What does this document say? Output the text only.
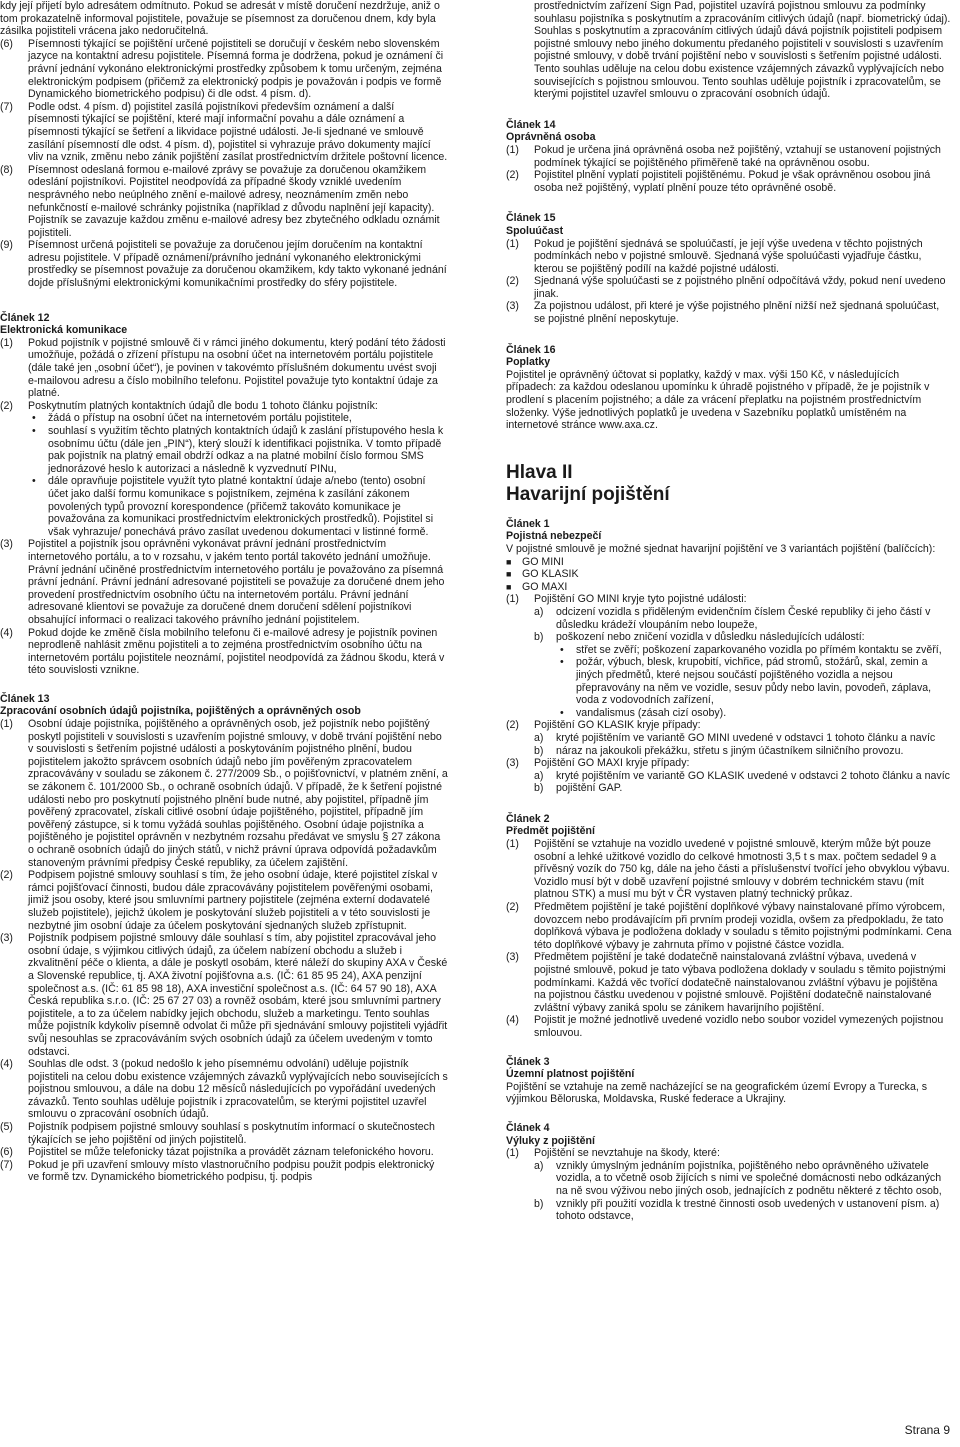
kdy její přijetí bylo adresátem odmítnuto. Pokud se adresát v místě doručení nezdržuje, aniž o tom prokazatelně informoval pojistitele, považuje se písemnost za doručenou dnem, kdy byla zásilka pojistiteli vrácena jako nedoručitelná.

(6)	Písemnosti týkající se pojištění určené pojistiteli se doručují v českém nebo slovenském jazyce na kontaktní adresu pojistitele. Písemná forma je dodržena, pokud je oznámení či právní jednání vykonáno elektronickými prostředky způsobem k tomu určeným, zejména elektronickým podpisem (přičemž za elektronický podpis je považován i podpis ve formě Dynamického biometrického podpisu) či dle odst. 4 písm. d).
(7)	Podle odst. 4 písm. d) pojistitel zasílá pojistníkovi především oznámení a další písemnosti týkající se pojištění, které mají informační povahu a dále oznámení a písemnosti týkající se šetření a likvidace pojistné události. Je-li sjednané ve smlouvě zasílání písemností dle odst. 4 písm. d), pojistitel si vyhrazuje právo dokumenty mající vliv na vznik, změnu nebo zánik pojištění zasílat prostřednictvím držitele poštovní licence.
(8)	Písemnost odeslaná formou e-mailové zprávy se považuje za doručenou okamžikem odeslání pojistníkovi. Pojistitel neodpovídá za případné škody vzniklé uvedením nesprávného nebo neúplného znění e-mailové adresy, neoznámením změn nebo nefunkčností e-mailové schránky pojistníka (například z důvodu naplnění její kapacity). Pojistník se zavazuje každou změnu e-mailové adresy bez zbytečného odkladu oznámit pojistiteli.
(9)	Písemnost určená pojistiteli se považuje za doručenou jejím doručením na kontaktní adresu pojistitele. V případě oznámení/právního jednání vykonaného elektronickými prostředky se písemnost považuje za doručenou okamžikem, kdy takto vykonané jednání dojde příslušnými elektronickými komunikačními prostředky do sféry pojistitele.

Článek 12

Elektronická komunikace

(1)	Pokud pojistník v pojistné smlouvě či v rámci jiného dokumentu, který podání této žádosti umožňuje, požádá o zřízení přístupu na osobní účet na internetovém portálu pojistitele (dále také jen „osobní účet“), je povinen v takovémto příslušném dokumentu uvést svoji e-mailovou adresu a číslo mobilního telefonu. Pojistitel považuje tyto kontaktní údaje za platné.
(2)	Poskytnutím platných kontaktních údajů dle bodu 1 tohoto článku pojistník:
•	žádá o přístup na osobní účet na internetovém portálu pojistitele,
•	souhlasí s využitím těchto platných kontaktních údajů k zaslání přístupového hesla k osobnímu účtu (dále jen „PIN“), který slouží k identifikaci pojistníka. V tomto případě pak pojistník na platný email obdrží odkaz a na platné mobilní číslo formou SMS jednorázové heslo k autorizaci a následně k vyzvednutí PINu,
•	dále opravňuje pojistitele využít tyto platné kontaktní údaje a/nebo (tento) osobní účet jako další formu komunikace s pojistníkem, zejména k zasílání zákonem povolených typů provozní korespondence (přičemž takováto komunikace je považována za komunikaci prostřednictvím elektronických prostředků). Pojistitel si však vyhrazuje/ ponechává právo zasílat uvedenou dokumentaci v listinné formě.
(3)	Pojistitel a pojistník jsou oprávněni vykonávat právní jednání prostřednictvím internetového portálu, a to v rozsahu, v jakém tento portál takovéto jednání umožňuje. Právní jednání učiněné prostřednictvím internetového portálu je považováno za písemná právní jednání. Právní jednání adresované pojistiteli se považuje za doručené dnem jeho provedení prostřednictvím osobního účtu na internetovém portálu. Právní jednání adresované klientovi se považuje za doručené dnem doručení sdělení pojistníkovi obsahující informaci o realizaci takového právního jednání pojistitelem.
(4)	Pokud dojde ke změně čísla mobilního telefonu či e-mailové adresy je pojistník povinen neprodleně nahlásit změnu pojistiteli a to zejména prostřednictvím osobního účtu na internetovém portálu pojistitele neoznámí, pojistitel neodpovídá za žádnou škodu, která v této souvislosti vznikne.

Článek 13

Zpracování osobních údajů pojistníka, pojištěných a oprávněných osob

(1)	Osobní údaje pojistníka, pojištěného a oprávněných osob, jež pojistník nebo pojištěný poskytl pojistiteli v souvislosti s uzavřením pojistné smlouvy, v době trvání pojištění nebo v souvislosti s šetřením pojistné události a poskytováním pojistného plnění, budou pojistitelem jakožto správcem osobních údajů nebo jím pověřeným zpracovatelem zpracovávány v souladu se zákonem č. 277/2009 Sb., o pojišťovnictví, v platném znění, a se zákonem č. 101/2000 Sb., o ochraně osobních údajů. V případě, že k šetření pojistné události nebo pro poskytnutí pojistného plnění bude nutné, aby pojistitel, případně jím pověřený zpracovatel, získali citlivé osobní údaje pojištěného, pojistitel, případně jím pověřený zástupce, si k tomu vyžádá souhlas pojištěného. Osobní údaje pojistníka a pojištěného je pojistitel oprávněn v nezbytném rozsahu předávat ve smyslu § 27 zákona o ochraně osobních údajů do jiných států, v nichž právní úprava odpovídá požadavkům stanoveným právními předpisy České republiky, za účelem zajištění.
(2)	Podpisem pojistné smlouvy souhlasí s tím, že jeho osobní údaje, které pojistitel získal v rámci pojišťovací činnosti, budou dále zpracovávány pojistitelem pověřenými osobami, jimiž jsou osoby, které jsou smluvními partnery pojistitele (zejména externí dodavatelé služeb pojistitele), jejichž úkolem je poskytování služeb pojistiteli a v této souvislosti je nezbytné jim osobní údaje za účelem poskytování sjednaných služeb zpřístupnit.
(3)	Pojistník podpisem pojistné smlouvy dále souhlasí s tím, aby pojistitel zpracovával jeho osobní údaje, s výjimkou citlivých údajů, za účelem nabízení obchodu a služeb i zkvalitnění péče o klienta, a dále je poskytl osobám, které náleží do skupiny AXA v České a Slovenské republice, tj. AXA životní pojišťovna a.s. (IČ: 61 85 95 24), AXA penzijní společnost a.s. (IČ: 61 85 98 18), AXA investiční společnost a.s. (IČ: 64 57 90 18), AXA Česká republika s.r.o. (IČ: 25 67 27 03) a rovněž osobám, které jsou smluvními partnery pojistitele, a to za účelem nabídky jejich obchodu, služeb a marketingu. Tento souhlas může pojistník kdykoliv písemně odvolat či může při sjednávání smlouvy pojistiteli vyjádřit svůj nesouhlas se zpracováváním svých osobních údajů za účelem uvedeným v tomto odstavci.
(4)	Souhlas dle odst. 3 (pokud nedošlo k jeho písemnému odvolání) uděluje pojistník pojistiteli na celou dobu existence vzájemných závazků vyplývajících nebo souvisejících s pojistnou smlouvou, a dále na dobu 12 měsíců následujících po vypořádání uvedených závazků. Tento souhlas uděluje pojistník i zpracovatelům, se kterými pojistitel uzavřel smlouvu o zpracování osobních údajů.
(5)	Pojistník podpisem pojistné smlouvy souhlasí s poskytnutím informací o skutečnostech týkajících se jeho pojištění od jiných pojistitelů.
(6)	Pojistitel se může telefonicky tázat pojistníka a provádět záznam telefonického hovoru.
(7)	Pokud je při uzavření smlouvy místo vlastnoručního podpisu použit podpis elektronický ve formě tzv. Dynamického biometrického podpisu, tj. podpis

prostřednictvím zařízení Sign Pad, pojistitel uzavírá pojistnou smlouvu za podmínky souhlasu pojistníka s poskytnutím a zpracováním citlivých údajů (např. biometrický údaj). Souhlas s poskytnutím a zpracováním citlivých údajů dává pojistník pojistiteli podpisem pojistné smlouvy nebo jiného dokumentu předaného pojistiteli v souvislosti s uzavřením pojistné smlouvy, v době trvání pojištění nebo v souvislosti s šetřením pojistné události. Tento souhlas uděluje na celou dobu existence vzájemných závazků vyplývajících nebo souvisejících s pojistnou smlouvou. Tento souhlas uděluje pojistník i zpracovatelům, se kterými pojistitel uzavřel smlouvu o zpracování osobních údajů.

Článek 14

Oprávněná osoba

(1)	Pokud je určena jiná oprávněná osoba než pojištěný, vztahují se ustanovení pojistných podmínek týkající se pojištěného přiměřeně také na oprávněnou osobu.
(2)	Pojistitel plnění vyplatí pojistiteli pojištěnému. Pokud je však oprávněnou osobou jiná osoba než pojištěný, vyplatí plnění pouze této oprávněné osobě.

Článek 15

Spoluúčast

(1)	Pokud je pojištění sjednává se spoluúčastí, je její výše uvedena v těchto pojistných podmínkách nebo v pojistné smlouvě. Sjednaná výše spoluúčasti vyjadřuje částku, kterou se pojištěný podílí na každé pojistné události.
(2)	Sjednaná výše spoluúčasti se z pojistného plnění odpočítává vždy, pokud není uvedeno jinak.
(3)	Za pojistnou událost, při které je výše pojistného plnění nižší než sjednaná spoluúčast, se pojistné plnění neposkytuje.

Článek 16

Poplatky

Pojistitel je oprávněný účtovat si poplatky, každý v max. výši 150 Kč, v následujících případech: za každou odeslanou upomínku k úhradě pojistného v případě, že je pojistník v prodlení s placením pojistného; a dále za vrácení přeplatku na pojistném prostřednictvím složenky. Výše jednotlivých poplatků je uvedena v Sazebníku poplatků umístěném na internetové stránce www.axa.cz.

Hlava II
Havarijní pojištění

Článek 1

Pojistná nebezpečí

V pojistné smlouvě je možné sjednat havarijní pojištění ve 3 variantách pojištění (balíčcích):

■ GO MINI
■ GO KLASIK
■ GO MAXI
(1)	Pojištění GO MINI kryje tyto pojistné události:
a)	odcizení vozidla s přiděleným evidenčním číslem České republiky či jeho částí v důsledku krádeží vloupáním nebo loupeže,
b)	poškození nebo zničení vozidla v důsledku následujících událostí:
•	střet se zvěří; poškození zaparkovaného vozidla po přímém kontaktu se zvěří,
•	požár, výbuch, blesk, krupobití, vichřice, pád stromů, stožárů, skal, zemin a jiných předmětů, které nejsou součástí pojištěného vozidla a nejsou přepravovány na něm ve vozidle, sesuv půdy nebo lavin, povodeň, záplava, voda z vodovodních zařízení,
•	vandalismus (zásah cizí osoby).
(2)	Pojištění GO KLASIK kryje případy:
a)	kryté pojištěním ve variantě GO MINI uvedené v odstavci 1 tohoto článku a navíc
b)	náraz na jakoukoli překážku, střetu s jiným účastníkem silničního provozu.
(3)	Pojištění GO MAXI kryje případy:
a)	kryté pojištěním ve variantě GO KLASIK uvedené v odstavci 2 tohoto článku a navíc
b)	pojištění GAP.

Článek 2

Předmět pojištění

(1)	Pojištění se vztahuje na vozidlo uvedené v pojistné smlouvě, kterým může být pouze osobní a lehké užitkové vozidlo do celkové hmotnosti 3,5 t s max. počtem sedadel 9 a přívěsný vozík do 750 kg, dále na jeho části a příslušenství tvořící jeho obvyklou výbavu. Vozidlo musí být v době uzavření pojistné smlouvy v dobrém technickém stavu (mít platnou STK) a musí mu být v ČR vystaven platný technický průkaz.
(2)	Předmětem pojištění je také pojištění doplňkové výbavy nainstalované přímo výrobcem, dovozcem nebo prodávajícím při prvním prodeji vozidla, ovšem za předpokladu, že tato doplňková výbava je podložena doklady v souladu s těmito pojistnými podmínkami. Cena této doplňkové výbavy je zahrnuta přímo v pojistné částce vozidla.
(3)	Předmětem pojištění je také dodatečně nainstalovaná zvláštní výbava, uvedená v pojistné smlouvě, pokud je tato výbava podložena doklady v souladu s těmito pojistnými podmínkami. Každá věc tvořící dodatečně nainstalovanou zvláštní výbavu je pojištěna na pojistnou částku uvedenou v pojistné smlouvě. Pojištění dodatečně nainstalované zvláštní výbavy zaniká spolu se zánikem havarijního pojištění.
(4)	Pojistit je možné jednotlivě uvedené vozidlo nebo soubor vozidel vymezených pojistnou smlouvou.

Článek 3

Územní platnost pojištění

Pojištění se vztahuje na země nacházející se na geografickém území Evropy a Turecka, s výjimkou Běloruska, Moldavska, Ruské federace a Ukrajiny.

Článek 4

Výluky z pojištění

(1)	Pojištění se nevztahuje na škody, které:
a)	vznikly úmyslným jednáním pojistníka, pojištěného nebo oprávněného uživatele vozidla, a to včetně osob žijících s nimi ve společné domácnosti nebo odkázaných na ně svou výživou nebo jiných osob, jednajících z podnětu některé z těchto osob,
b)	vznikly při použití vozidla k trestné činnosti osob uvedených v ustanovení písm. a) tohoto odstavce,
Strana 9
